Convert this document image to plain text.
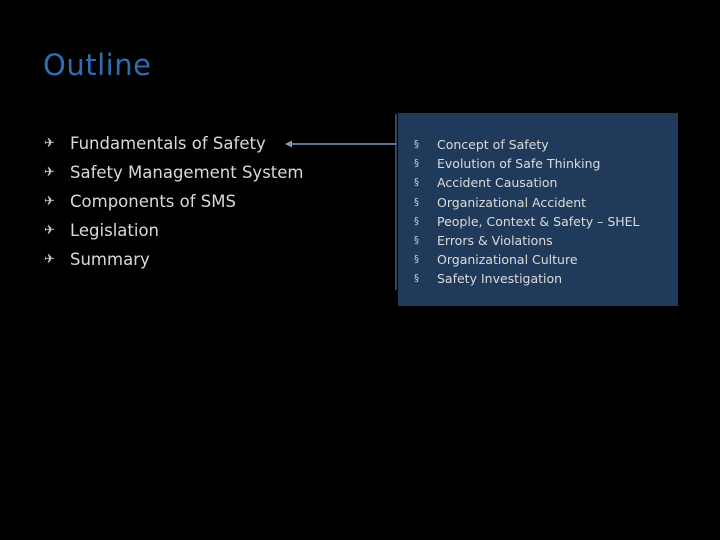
Outline
✈ Fundamentals of Safety
✈ Safety Management System
✈ Components of SMS
✈ Legislation
✈ Summary
§	Concept of Safety
§	Evolution of Safe Thinking
§	Accident Causation
§	Organizational Accident
§	People, Context & Safety – SHEL
§	Errors & Violations
§	Organizational Culture
§	Safety Investigation
